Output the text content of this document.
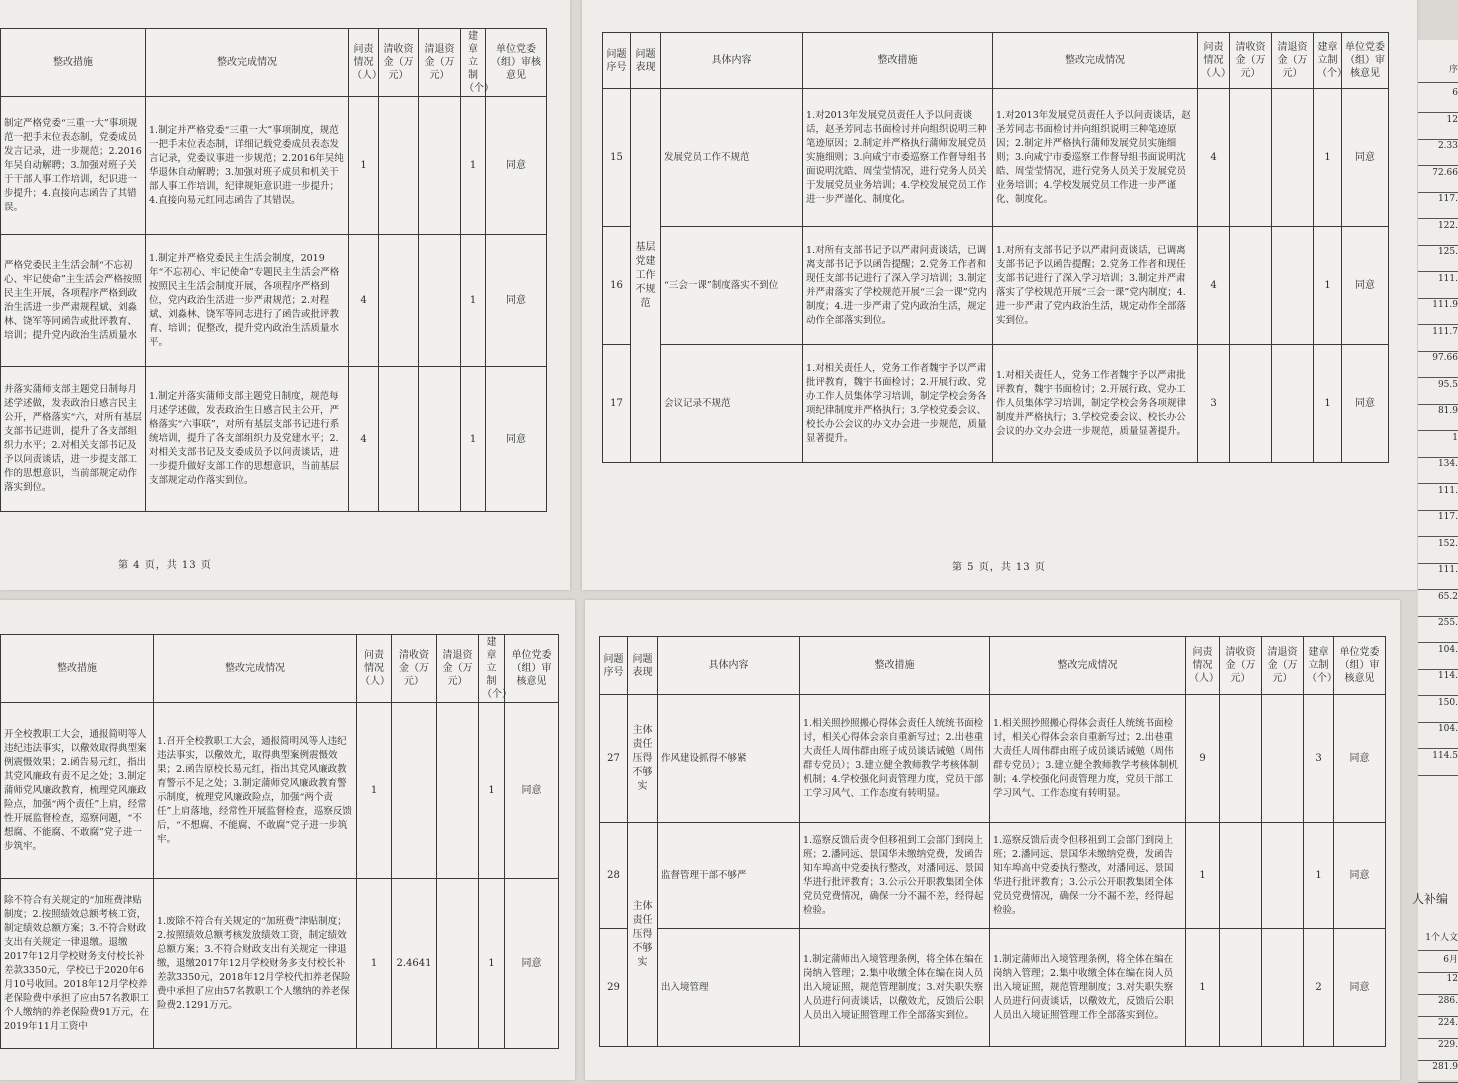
整改措施	整改完成情况	问责情况（人）	清收资金（万元）	清退资金（万元）	建章立制（个）	单位党委（组）审核意见
制定严格党委“三重一大”事项规范一把手末位表态制，党委成员发言记录，进一步规范；2.2016年吴自动解聘；3.加强对班子关于干部人事工作培训，纪识进一步提升；4.直接向志函告了其错误。	1.制定并严格党委“三重一大”事项制度，规范一把手末位表态制，详细记载党委成员表态发言记录，党委议事进一步规范；2.2016年吴纯华退休自动解聘；3.加强对班子成员和机关干部人事工作培训，纪律规矩意识进一步提升；4.直接向易元红同志函告了其错误。	1			1	同意
严格党委民主生活会制“不忘初心、牢记使命”主生活会严格按照民主生开展，各项程序严格到政治生活进一步严肃规程斌、刘淼林、饶军等同函告或批评教育、培训；提升党内政治生活质量水	1.制定并严格党委民主生活会制度，2019年“不忘初心、牢记使命”专题民主生活会严格按照民主生活会制度开展，各项程序严格到位，党内政治生活进一步严肃规范；2.对程斌、刘淼林、饶军等同志进行了函告或批评教育、培训；促整改，提升党内政治生活质量水平。	4			1	同意
并落实蒲师支部主题党日制每月述学述做，发表政治日感言民主公开，严格落实“六，对所有基层支部书记进训，提升了各支部组织力水平；2.对相关支部书记及予以问责谈话，进一步提支部工作的思想意识，当前部规定动作落实到位。	1.制定并落实蒲师支部主题党日制度，规范每月述学述做，发表政治生日感言民主公开，严格落实“六事联”，对所有基层支部书记进行系统培训，提升了各支部组织力及党建水平；2.对相关支部书记及支委成员予以问责谈话，进一步提升做好支部工作的思想意识，当前基层支部规定动作落实到位。	4			1	同意
第 4 页，共 13 页
问题序号	问题表现	具体内容	整改措施	整改完成情况	问责情况（人）	清收资金（万元）	清退资金（万元）	建章立制（个）	单位党委（组）审核意见
15	基层党建工作不规范	发展党员工作不规范	1.对2013年发展党员责任人予以问责谈话，赵圣芳同志书面检讨并向组织说明三种笔迹原因；2.制定并严格执行蒲师发展党员实施细则；3.向咸宁市委巡察工作督导组书面说明沈皓、周莹莹情况，进行党务人员关于发展党员业务培训；4.学校发展党员工作进一步严谨化、制度化。	1.对2013年发展党员责任人予以问责谈话，赵圣芳同志书面检讨并向组织说明三种笔迹原因；2.制定并严格执行蒲师发展党员实施细则；3.向咸宁市委巡察工作督导组书面说明沈皓、周莹莹情况，进行党务人员关于发展党员业务培训；4.学校发展党员工作进一步严谨化、制度化。	4			1	同意
16		“三会一课”制度落实不到位	1.对所有支部书记予以严肃问责谈话，已调离支部书记予以函告提醒；2.党务工作者和现任支部书记进行了深入学习培训；3.制定并严肃落实了学校规范开展“三会一课”党内制度；4.进一步严肃了党内政治生活，规定动作全部落实到位。	1.对所有支部书记予以严肃问责谈话，已调离支部书记予以函告提醒；2.党务工作者和现任支部书记进行了深入学习培训；3.制定并严肃落实了学校规范开展“三会一课”党内制度；4.进一步严肃了党内政治生活，规定动作全部落实到位。	4			1	同意
17		会议记录不规范	1.对相关责任人，党务工作者魏宇予以严肃批评教育，魏宇书面检讨；2.开展行政、党办工作人员集体学习培训，制定学校会务各项纪律制度并严格执行；3.学校党委会议、校长办公会议的办文办会进一步规范，质量显著提升。	1.对相关责任人，党务工作者魏宇予以严肃批评教育，魏宇书面检讨；2.开展行政、党办工作人员集体学习培训，制定学校会务各项规律制度并严格执行；3.学校党委会议、校长办公会议的办文办会进一步规范，质量显著提升。	3			1	同意
第 5 页，共 13 页
整改措施	整改完成情况	问责情况（人）	清收资金（万元）	清退资金（万元）	建章立制（个）	单位党委（组）审核意见
开全校教职工大会，通报简明等人违纪违法事实，以儆效取得典型案例震慑效果；2.函告易元红，指出其党风廉政有责不足之处；3.制定蒲师党风廉政教育，梳理党风廉政险点，加强“两个责任”上肩，经常性开展监督检查，巡察问题，“不想腐、不能腐、不敢腐”党子进一步筑牢。	1.召开全校教职工大会，通报简明凤等人违纪违法事实，以儆效尤，取得典型案例震慑效果；2.函告原校长易元红，指出其党风廉政教育警示不足之处；3.制定蒲师党风廉政教育警示制度，梳理党风廉政险点，加强“两个责任”上肩落地，经常性开展监督检查，巡察反馈后，“不想腐、不能腐、不敢腐”党子进一步筑牢。	1			1	同意
除不符合有关规定的“加班费津贴制度；2.按照绩效总额考核工资，制定绩效总额方案；3.不符合财政支出有关规定一律退缴。退缴2017年12月学校财务支付校长补差款3350元，学校已于2020年6月10号收回。2018年12月学校养老保险费中承担了应由57名教职工个人缴纳的养老保险费91万元，在2019年11月工资中	1.废除不符合有关规定的“加班费”津贴制度；2.按照绩效总额考核发放绩效工资，制定绩效总额方案；3.不符合财政支出有关规定一律退缴，退缴2017年12月学校财务多支付校长补差款3350元，2018年12月学校代扣养老保险费中承担了应由57名教职工个人缴纳的养老保险费2.1291万元。	1	2.4641		1	同意
问题序号	问题表现	具体内容	整改措施	整改完成情况	问责情况（人）	清收资金（万元）	清退资金（万元）	建章立制（个）	单位党委（组）审核意见
27	主体责任压得不够实	作风建设抓得不够紧	1.相关照抄照搬心得体会责任人统统书面检讨，相关心得体会亲自重新写过；2.出巷重大责任人周伟群由班子成员谈话诫勉（周伟群专党员）；3.建立健全教师教学考核体制机制；4.学校强化问责管理力度，党员干部工学习风气、工作态度有转明显。	1.相关照抄照搬心得体会责任人统统书面检讨，相关心得体会亲自重新写过；2.出巷重大责任人周伟群由班子成员谈话诫勉（周伟群专党员）；3.建立健全教师教学考核体制机制；4.学校强化问责管理力度，党员干部工学习风气、工作态度有转明显。	9			3	同意
28	主体责任压得不够实	监督管理干部不够严	1.巡察反馈后责令但移祖到工会部门到岗上班；2.潘同远、景国华未缴纳党费，发函告知车埠高中党委执行整改，对潘同远、景国华进行批评教育；3.公示公开职教集团全体党员党费情况，确保一分不漏不差，经得起检验。	1.巡察反馈后责令但移祖到工会部门到岗上班；2.潘同远、景国华未缴纳党费，发函告知车埠高中党委执行整改，对潘同远、景国华进行批评教育；3.公示公开职教集团全体党员党费情况，确保一分不漏不差，经得起检验。	1			1	同意
29		出入境管理	1.制定蒲师出入境管理条例，将全体在编在岗纳入管理；2.集中收缴全体在编在岗人员出入境证照，规范管理制度；3.对失职失察人员进行问责谈话，以儆效尤，反馈后公职人员出入境证照管理工作全部落实到位。	1.制定蒲师出入境管理条例，将全体在编在岗纳入管理；2.集中收缴全体在编在岗人员出入境证照，规范管理制度；3.对失职失察人员进行问责谈话，以儆效尤，反馈后公职人员出入境证照管理工作全部落实到位。	1			2	同意
序
6
12
2.33
72.66
117.
122.
125.
111.
111.9
111.7
97.66
95.5
81.9
1
134.
111.
117.
152.
111.
65.2
255.
104.
114.
150.
104.
114.5
人补编
1个人文
6月
12
286.
224.
229.
281.9
